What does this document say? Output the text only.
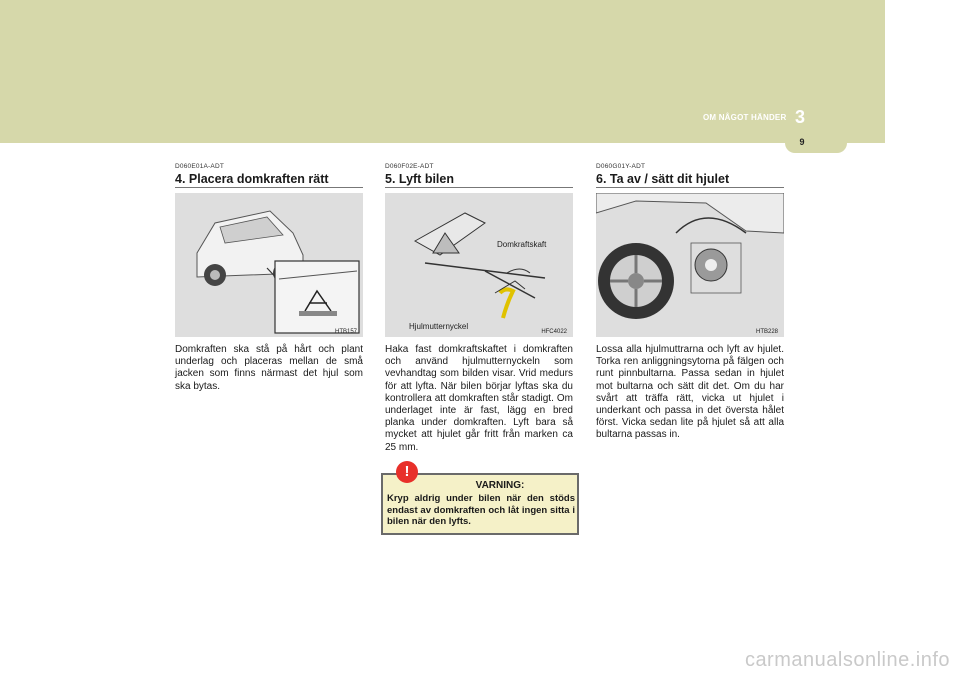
OM NÅGOT HÄNDER 3
9
D060E01A-ADT
4. Placera domkraften rätt
HTB157
Domkraften ska stå på hårt och plant underlag och placeras mellan de små jacken som finns närmast det hjul som ska bytas.
D060F02E-ADT
5. Lyft bilen
Domkraftskaft
Hjulmutternyckel
HFC4022
Haka fast domkraftskaftet i domkraften och använd hjulmutternyckeln som vevhandtag som bilden visar. Vrid medurs för att lyfta. När bilen börjar lyftas ska du kontrollera att domkraften står stadigt. Om underlaget inte är fast, lägg en bred planka under domkraften. Lyft bara så mycket att hjulet går fritt från marken ca 25 mm.
D060G01Y-ADT
6. Ta av / sätt dit hjulet
HTB228
Lossa alla hjulmuttrarna och lyft av hjulet. Torka ren anliggningsytorna på fälgen och runt pinnbultarna. Passa sedan in hjulet mot bultarna och sätt dit det. Om du har svårt att träffa rätt, vicka ut hjulet i underkant och passa in det översta hålet först. Vicka sedan lite på hjulet så att alla bultarna passas in.
VARNING:
Kryp aldrig under bilen när den stöds endast av domkraften och låt ingen sitta i bilen när den lyfts.
!
carmanualsonline.info
